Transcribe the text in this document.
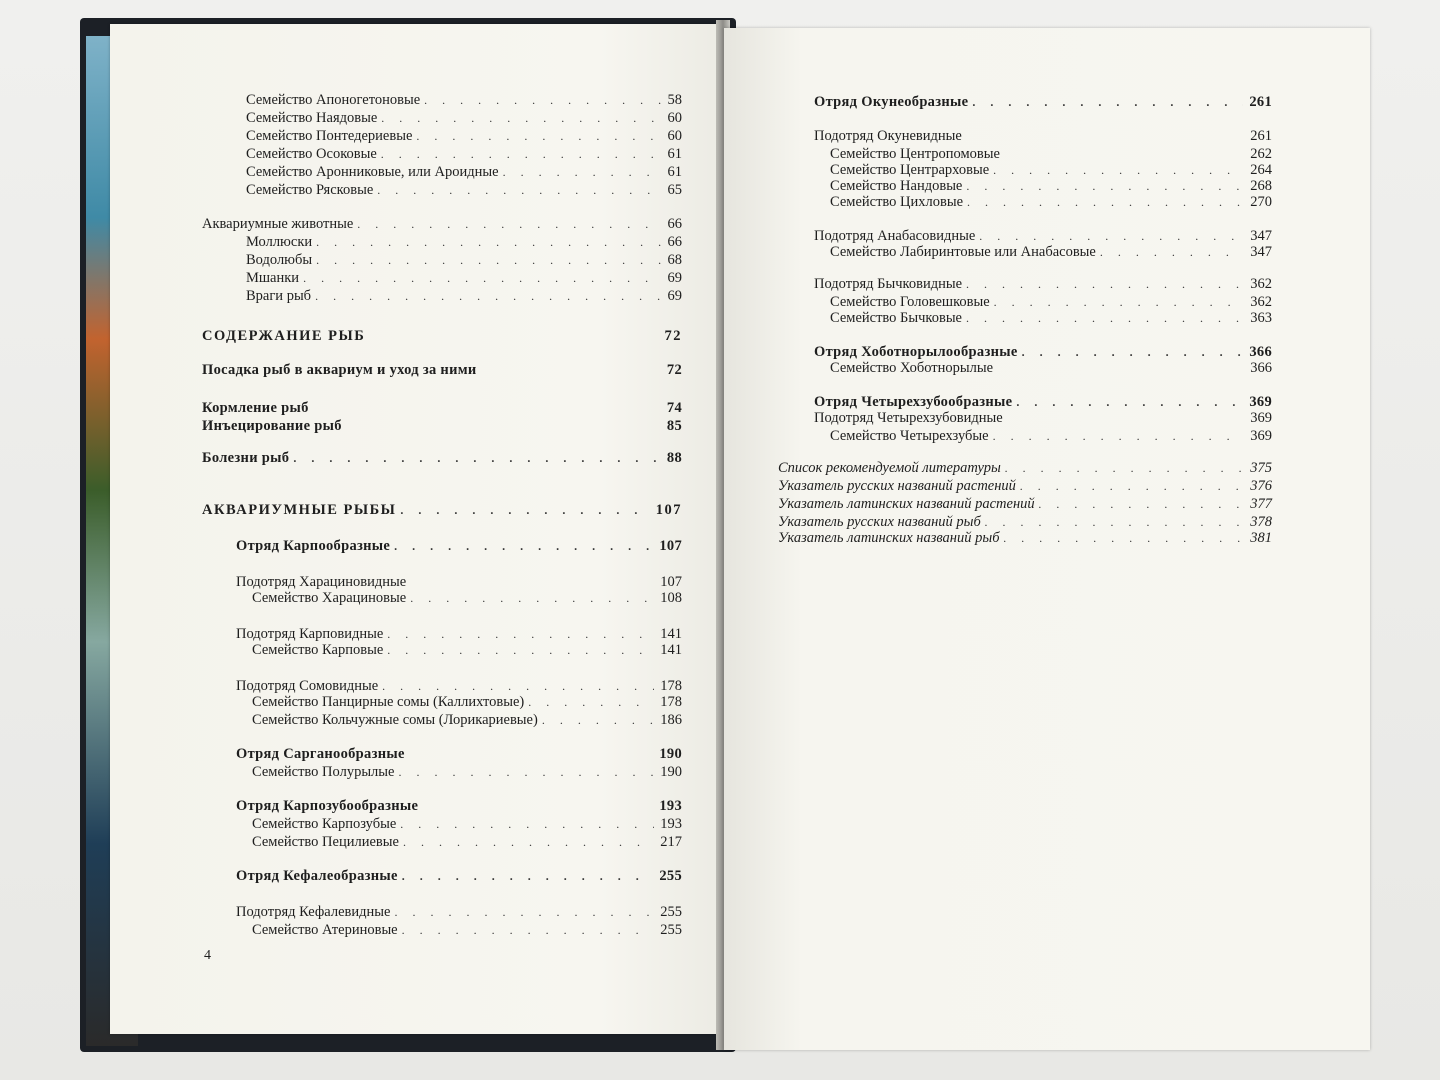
Семейство Апоногетоновые . . .	58
Семейство Наядовые . . .	60
Семейство Понтедериевые . . .	60
Семейство Осоковые . . .	61
Семейство Аронниковые, или Ароидные . . .	61
Семейство Рясковые . . .	65
Аквариумные животные . . .	66
Моллюски . . .	66
Водолюбы . . .	68
Мшанки . . .	69
Враги рыб . . .	69
СОДЕРЖАНИЕ РЫБ	72
Посадка рыб в аквариум и уход за ними	72
Кормление рыб	74
Инъецирование рыб	85
Болезни рыб . . .	88
АКВАРИУМНЫЕ РЫБЫ . . .	107
Отряд Карпообразные . . .	107
Подотряд Харациновидные	107
Семейство Харациновые . . .	108
Подотряд Карповидные . . .	141
Семейство Карповые . . .	141
Подотряд Сомовидные . . .	178
Семейство Панцирные сомы (Каллихтовые) . . .	178
Семейство Кольчужные сомы (Лорикариевые) . . .	186
Отряд Сарганообразные	190
Семейство Полурылые . . .	190
Отряд Карпозубообразные	193
Семейство Карпозубые . . .	193
Семейство Пецилиевые . . .	217
Отряд Кефалеобразные . . .	255
Подотряд Кефалевидные . . .	255
Семейство Атериновые . . .	255
4
Отряд Окунеобразные . . .	261
Подотряд Окуневидные	261
Семейство Центропомовые	262
Семейство Центрарховые . . .	264
Семейство Нандовые . . .	268
Семейство Цихловые . . .	270
Подотряд Анабасовидные . . .	347
Семейство Лабиринтовые или Анабасовые . . .	347
Подотряд Бычковидные . . .	362
Семейство Головешковые . . .	362
Семейство Бычковые . . .	363
Отряд Хоботнорылообразные . . .	366
Семейство Хоботнорылые	366
Отряд Четырехзубообразные . . .	369
Подотряд Четырехзубовидные	369
Семейство Четырехзубые . . .	369
Список рекомендуемой литературы . . .	375
Указатель русских названий растений . . .	376
Указатель латинских названий растений . . .	377
Указатель русских названий рыб . . .	378
Указатель латинских названий рыб . . .	381
